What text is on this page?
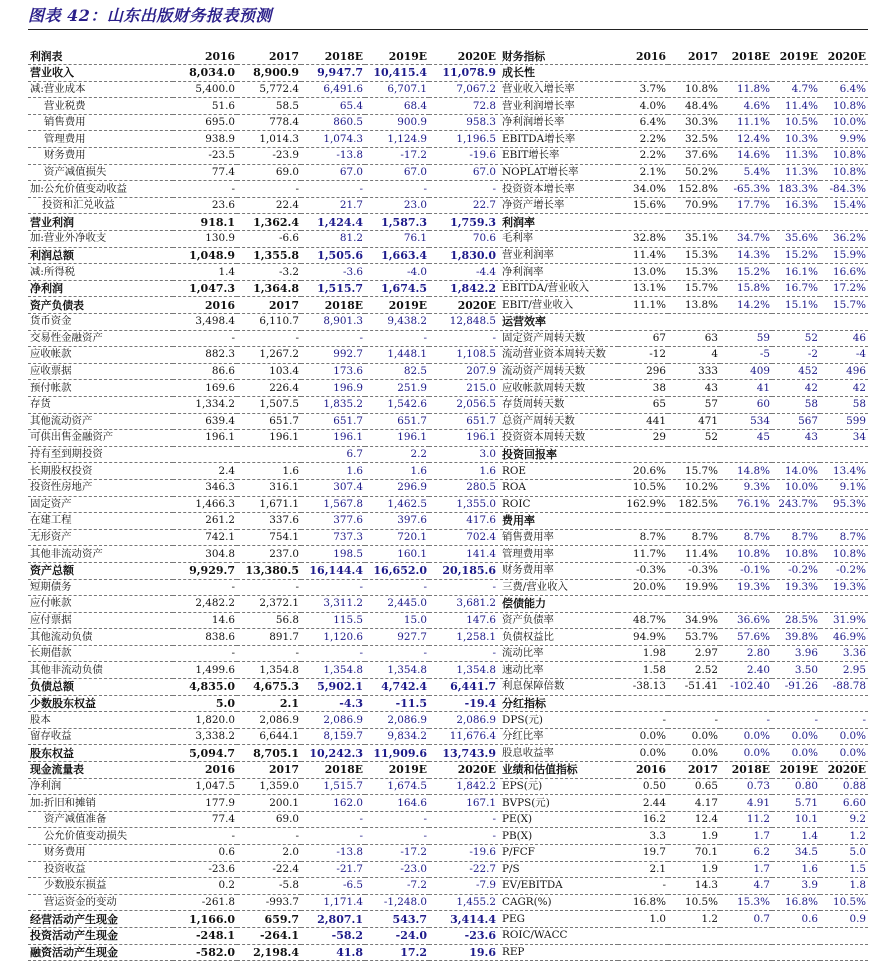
图表 42：山东出版财务报表预测
利润表	2016	2017	2018E	2019E	2020E
营业收入	8,034.0	8,900.9	9,947.7	10,415.4	11,078.9
减:营业成本	5,400.0	5,772.4	6,491.6	6,707.1	7,067.2
营业税费	51.6	58.5	65.4	68.4	72.8
销售费用	695.0	778.4	860.5	900.9	958.3
管理费用	938.9	1,014.3	1,074.3	1,124.9	1,196.5
财务费用	-23.5	-23.9	-13.8	-17.2	-19.6
资产减值损失	77.4	69.0	67.0	67.0	67.0
加:公允价值变动收益	-	-	-	-	-
投资和汇兑收益	23.6	22.4	21.7	23.0	22.7
营业利润	918.1	1,362.4	1,424.4	1,587.3	1,759.3
加:营业外净收支	130.9	-6.6	81.2	76.1	70.6
利润总额	1,048.9	1,355.8	1,505.6	1,663.4	1,830.0
减:所得税	1.4	-3.2	-3.6	-4.0	-4.4
净利润	1,047.3	1,364.8	1,515.7	1,674.5	1,842.2
资产负债表	2016	2017	2018E	2019E	2020E
货币资金	3,498.4	6,110.7	8,901.3	9,438.2	12,848.5
交易性金融资产	-	-	-	-	-
应收帐款	882.3	1,267.2	992.7	1,448.1	1,108.5
应收票据	86.6	103.4	173.6	82.5	207.9
预付帐款	169.6	226.4	196.9	251.9	215.0
存货	1,334.2	1,507.5	1,835.2	1,542.6	2,056.5
其他流动资产	639.4	651.7	651.7	651.7	651.7
可供出售金融资产	196.1	196.1	196.1	196.1	196.1
持有至到期投资			6.7	2.2	3.0
长期股权投资	2.4	1.6	1.6	1.6	1.6
投资性房地产	346.3	316.1	307.4	296.9	280.5
固定资产	1,466.3	1,671.1	1,567.8	1,462.5	1,355.0
在建工程	261.2	337.6	377.6	397.6	417.6
无形资产	742.1	754.1	737.3	720.1	702.4
其他非流动资产	304.8	237.0	198.5	160.1	141.4
资产总额	9,929.7	13,380.5	16,144.4	16,652.0	20,185.6
短期债务	-	-	-	-	-
应付帐款	2,482.2	2,372.1	3,311.2	2,445.0	3,681.2
应付票据	14.6	56.8	115.5	15.0	147.6
其他流动负债	838.6	891.7	1,120.6	927.7	1,258.1
长期借款	-	-	-	-	-
其他非流动负债	1,499.6	1,354.8	1,354.8	1,354.8	1,354.8
负债总额	4,835.0	4,675.3	5,902.1	4,742.4	6,441.7
少数股东权益	5.0	2.1	-4.3	-11.5	-19.4
股本	1,820.0	2,086.9	2,086.9	2,086.9	2,086.9
留存收益	3,338.2	6,644.1	8,159.7	9,834.2	11,676.4
股东权益	5,094.7	8,705.1	10,242.3	11,909.6	13,743.9
现金流量表	2016	2017	2018E	2019E	2020E
净利润	1,047.5	1,359.0	1,515.7	1,674.5	1,842.2
加:折旧和摊销	177.9	200.1	162.0	164.6	167.1
资产减值准备	77.4	69.0	-	-	-
公允价值变动损失	-	-	-	-	-
财务费用	0.6	2.0	-13.8	-17.2	-19.6
投资收益	-23.6	-22.4	-21.7	-23.0	-22.7
少数股东损益	0.2	-5.8	-6.5	-7.2	-7.9
营运资金的变动	-261.8	-993.7	1,171.4	-1,248.0	1,455.2
经营活动产生现金	1,166.0	659.7	2,807.1	543.7	3,414.4
投资活动产生现金	-248.1	-264.1	-58.2	-24.0	-23.6
融资活动产生现金	-582.0	2,198.4	41.8	17.2	19.6
财务指标	2016	2017	2018E	2019E	2020E
成长性					
营业收入增长率	3.7%	10.8%	11.8%	4.7%	6.4%
营业利润增长率	4.0%	48.4%	4.6%	11.4%	10.8%
净利润增长率	6.4%	30.3%	11.1%	10.5%	10.0%
EBITDA增长率	2.2%	32.5%	12.4%	10.3%	9.9%
EBIT增长率	2.2%	37.6%	14.6%	11.3%	10.8%
NOPLAT增长率	2.1%	50.2%	5.4%	11.3%	10.8%
投资资本增长率	34.0%	152.8%	-65.3%	183.3%	-84.3%
净资产增长率	15.6%	70.9%	17.7%	16.3%	15.4%
利润率					
毛利率	32.8%	35.1%	34.7%	35.6%	36.2%
营业利润率	11.4%	15.3%	14.3%	15.2%	15.9%
净利润率	13.0%	15.3%	15.2%	16.1%	16.6%
EBITDA/营业收入	13.1%	15.7%	15.8%	16.7%	17.2%
EBIT/营业收入	11.1%	13.8%	14.2%	15.1%	15.7%
运营效率					
固定资产周转天数	67	63	59	52	46
流动营业资本周转天数	-12	4	-5	-2	-4
流动资产周转天数	296	333	409	452	496
应收帐款周转天数	38	43	41	42	42
存货周转天数	65	57	60	58	58
总资产周转天数	441	471	534	567	599
投资资本周转天数	29	52	45	43	34
投资回报率					
ROE	20.6%	15.7%	14.8%	14.0%	13.4%
ROA	10.5%	10.2%	9.3%	10.0%	9.1%
ROIC	162.9%	182.5%	76.1%	243.7%	95.3%
费用率					
销售费用率	8.7%	8.7%	8.7%	8.7%	8.7%
管理费用率	11.7%	11.4%	10.8%	10.8%	10.8%
财务费用率	-0.3%	-0.3%	-0.1%	-0.2%	-0.2%
三费/营业收入	20.0%	19.9%	19.3%	19.3%	19.3%
偿债能力					
资产负债率	48.7%	34.9%	36.6%	28.5%	31.9%
负债权益比	94.9%	53.7%	57.6%	39.8%	46.9%
流动比率	1.98	2.97	2.80	3.96	3.36
速动比率	1.58	2.52	2.40	3.50	2.95
利息保障倍数	-38.13	-51.41	-102.40	-91.26	-88.78
分红指标					
DPS(元)	-	-	-	-	-
分红比率	0.0%	0.0%	0.0%	0.0%	0.0%
股息收益率	0.0%	0.0%	0.0%	0.0%	0.0%
业绩和估值指标	2016	2017	2018E	2019E	2020E
EPS(元)	0.50	0.65	0.73	0.80	0.88
BVPS(元)	2.44	4.17	4.91	5.71	6.60
PE(X)	16.2	12.4	11.2	10.1	9.2
PB(X)	3.3	1.9	1.7	1.4	1.2
P/FCF	19.7	70.1	6.2	34.5	5.0
P/S	2.1	1.9	1.7	1.6	1.5
EV/EBITDA	-	14.3	4.7	3.9	1.8
CAGR(%)	16.8%	10.5%	15.3%	16.8%	10.5%
PEG	1.0	1.2	0.7	0.6	0.9
ROIC/WACC					
REP					
